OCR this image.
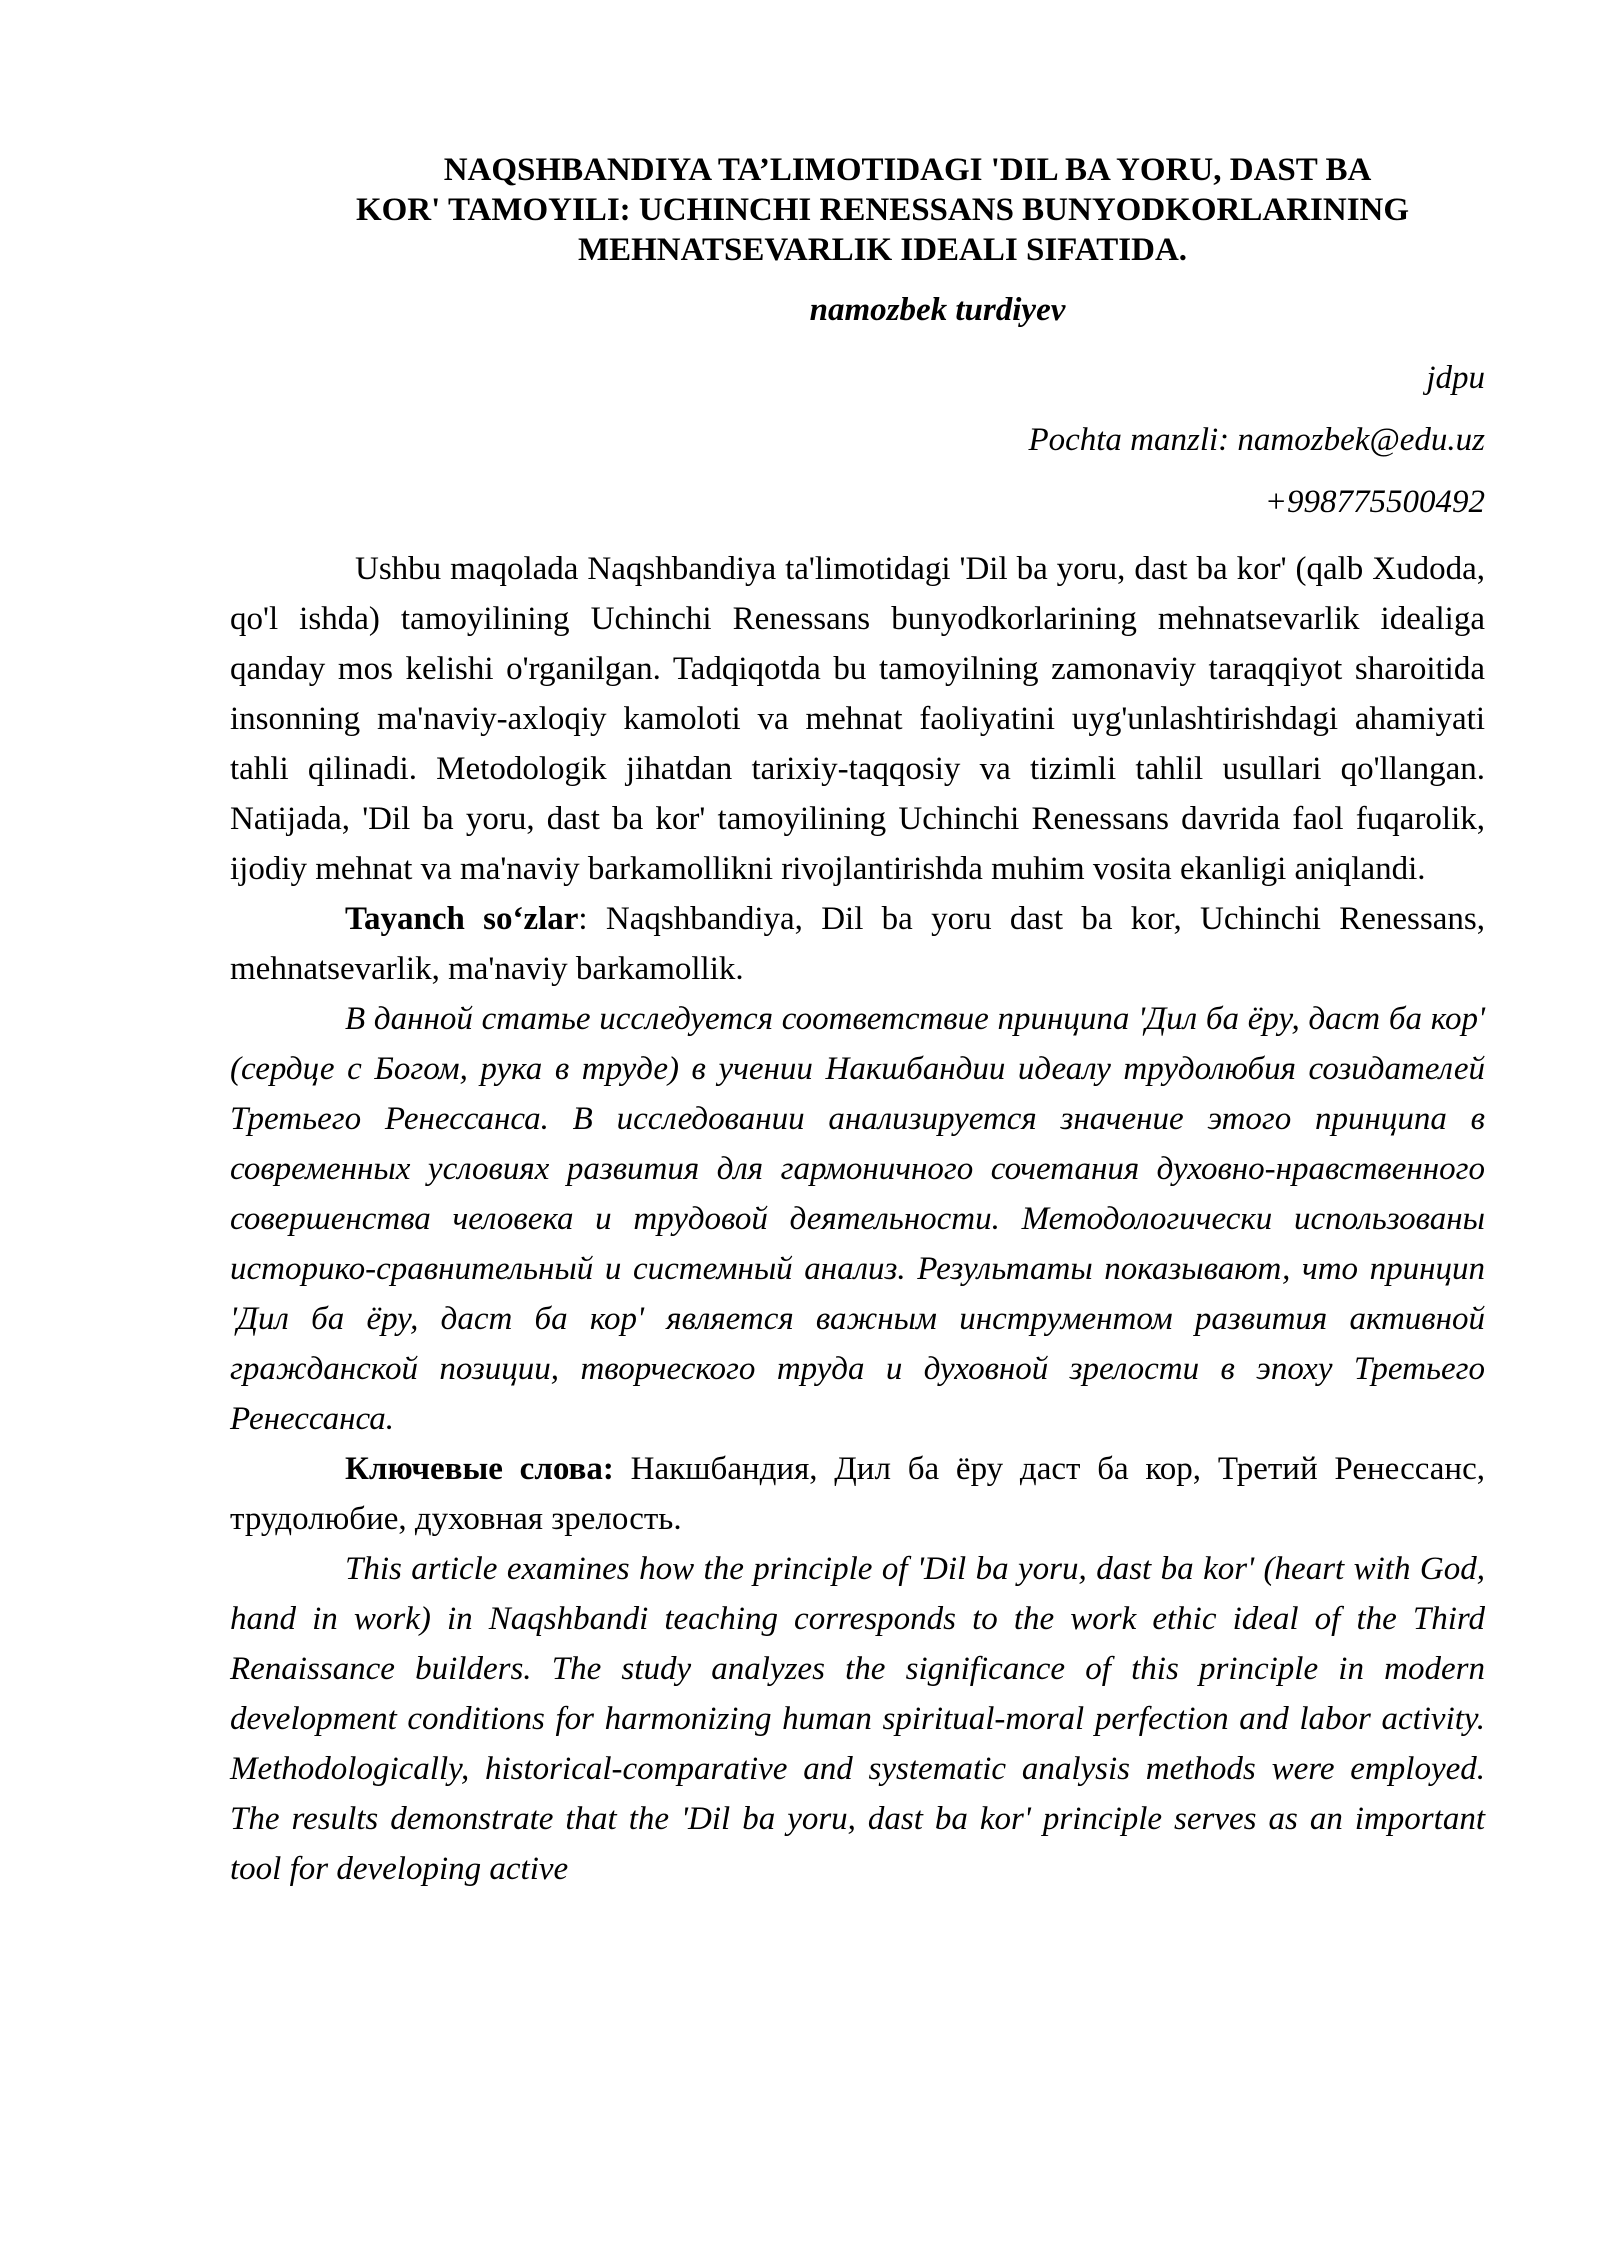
NAQSHBANDIYA TA’LIMOTIDAGI 'DIL BA YORU, DAST BA
KOR' TAMOYILI: UCHINCHI RENESSANS BUNYODKORLARINING
MEHNATSEVARLIK IDEALI SIFATIDA.
namozbek turdiyev
jdpu
Pochta manzli: namozbek@edu.uz
+998775500492

Ushbu maqolada Naqshbandiya ta'limotidagi 'Dil ba yoru, dast ba kor' (qalb Xudoda, qo'l ishda) tamoyilining Uchinchi Renessans bunyodkorlarining mehnatsevarlik idealiga qanday mos kelishi o'rganilgan. Tadqiqotda bu tamoyilning zamonaviy taraqqiyot sharoitida insonning ma'naviy-axloqiy kamoloti va mehnat faoliyatini uyg'unlashtirishdagi ahamiyati tahli qilinadi. Metodologik jihatdan tarixiy-taqqosiy va tizimli tahlil usullari qo'llangan. Natijada, 'Dil ba yoru, dast ba kor' tamoyilining Uchinchi Renessans davrida faol fuqarolik, ijodiy mehnat va ma'naviy barkamollikni rivojlantirishda muhim vosita ekanligi aniqlandi.

Tayanch so‘zlar: Naqshbandiya, Dil ba yoru dast ba kor, Uchinchi Renessans, mehnatsevarlik, ma'naviy barkamollik.

В данной статье исследуется соответствие принципа 'Дил ба ёру, даст ба кор' (сердце с Богом, рука в труде) в учении Накшбандии идеалу трудолюбия созидателей Третьего Ренессанса. В исследовании анализируется значение этого принципа в современных условиях развития для гармоничного сочетания духовно-нравственного совершенства человека и трудовой деятельности. Методологически использованы историко-сравнительный и системный анализ. Результаты показывают, что принцип 'Дил ба ёру, даст ба кор' является важным инструментом развития активной гражданской позиции, творческого труда и духовной зрелости в эпоху Третьего Ренессанса.

Ключевые слова: Накшбандия, Дил ба ёру даст ба кор, Третий Ренессанс, трудолюбие, духовная зрелость.

This article examines how the principle of 'Dil ba yoru, dast ba kor' (heart with God, hand in work) in Naqshbandi teaching corresponds to the work ethic ideal of the Third Renaissance builders. The study analyzes the significance of this principle in modern development conditions for harmonizing human spiritual-moral perfection and labor activity. Methodologically, historical-comparative and systematic analysis methods were employed. The results demonstrate that the 'Dil ba yoru, dast ba kor' principle serves as an important tool for developing active
